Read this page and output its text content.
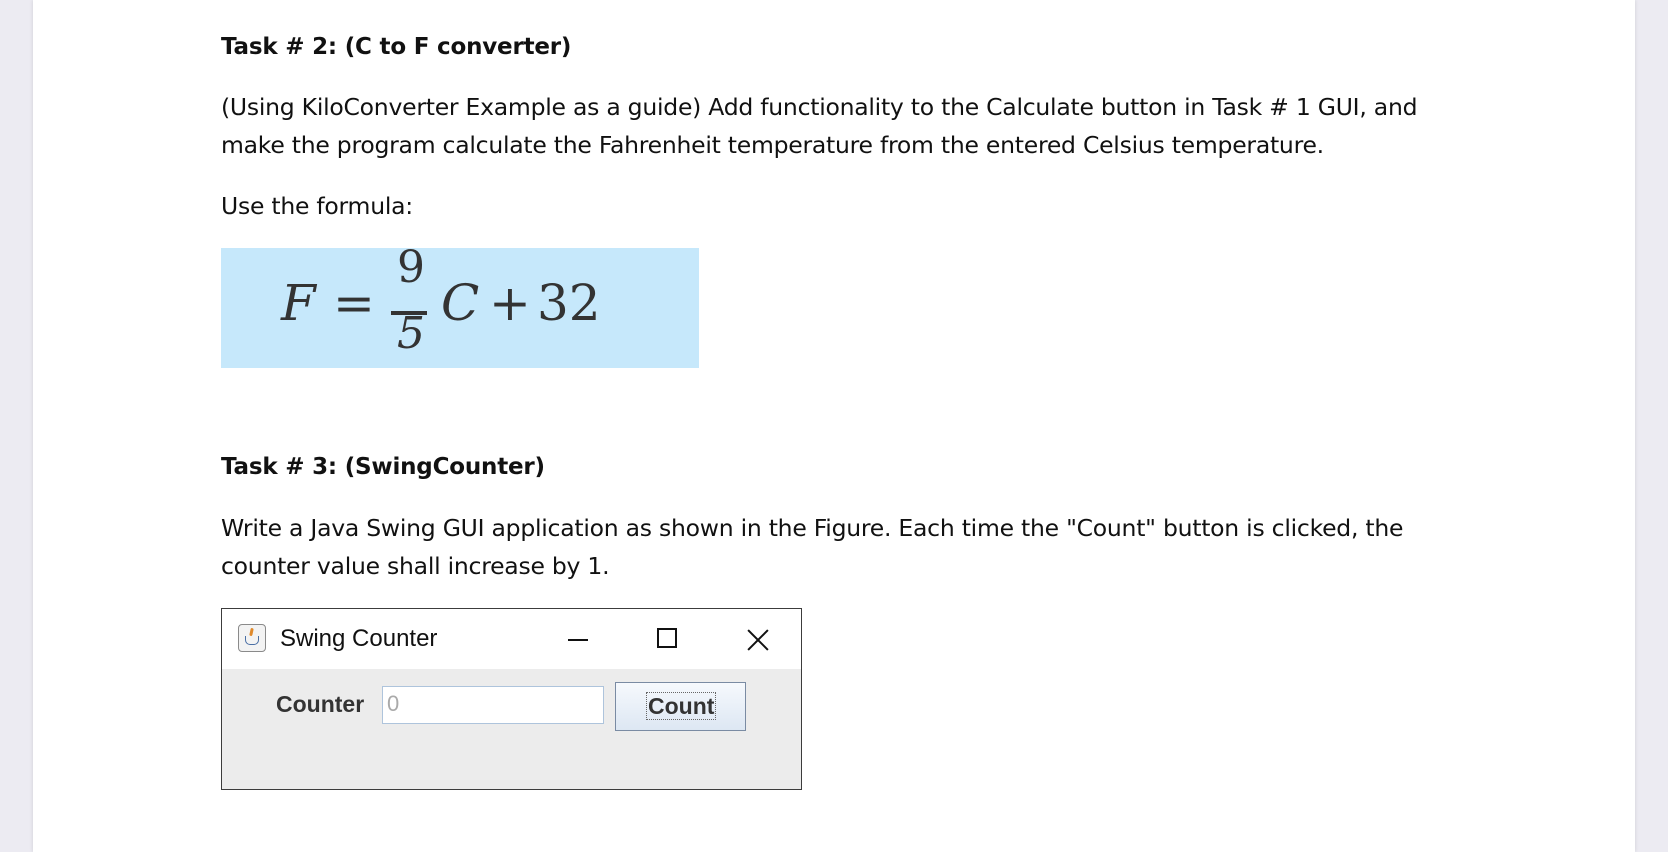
Task # 2: (C to F converter)
(Using KiloConverter Example as a guide) Add functionality to the Calculate button in Task # 1 GUI, and
make the program calculate the Fahrenheit temperature from the entered Celsius temperature.
Use the formula:
F =
9
5
C + 32
Task # 3: (SwingCounter)
Write a Java Swing GUI application as shown in the Figure. Each time the "Count" button is clicked, the
counter value shall increase by 1.
Swing Counter
Counter 0	Count
